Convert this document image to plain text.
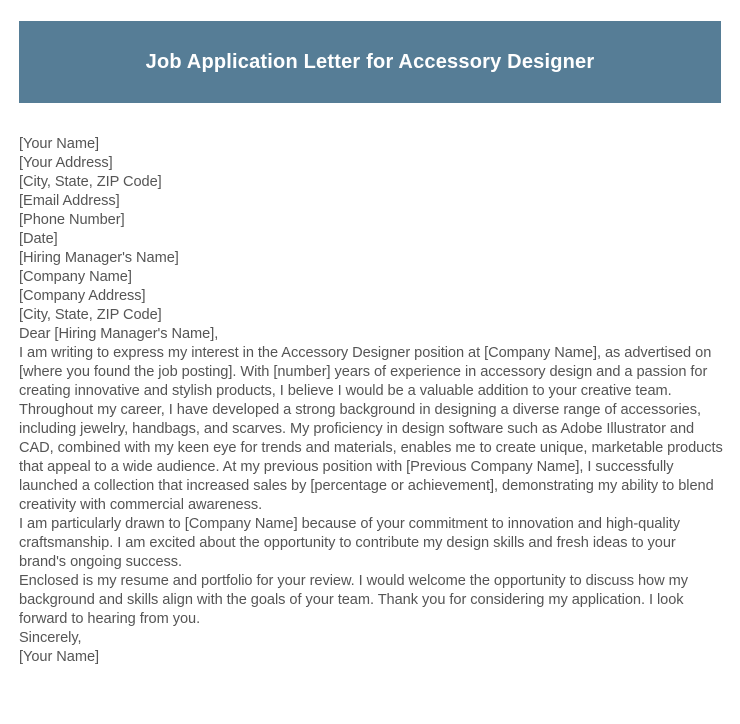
Job Application Letter for Accessory Designer
[Your Name]
[Your Address]
[City, State, ZIP Code]
[Email Address]
[Phone Number]
[Date]
[Hiring Manager's Name]
[Company Name]
[Company Address]
[City, State, ZIP Code]
Dear [Hiring Manager's Name],

I am writing to express my interest in the Accessory Designer position at [Company Name], as advertised on [where you found the job posting]. With [number] years of experience in accessory design and a passion for creating innovative and stylish products, I believe I would be a valuable addition to your creative team.

Throughout my career, I have developed a strong background in designing a diverse range of accessories, including jewelry, handbags, and scarves. My proficiency in design software such as Adobe Illustrator and CAD, combined with my keen eye for trends and materials, enables me to create unique, marketable products that appeal to a wide audience. At my previous position with [Previous Company Name], I successfully launched a collection that increased sales by [percentage or achievement], demonstrating my ability to blend creativity with commercial awareness.

I am particularly drawn to [Company Name] because of your commitment to innovation and high-quality craftsmanship. I am excited about the opportunity to contribute my design skills and fresh ideas to your brand's ongoing success.

Enclosed is my resume and portfolio for your review. I would welcome the opportunity to discuss how my background and skills align with the goals of your team. Thank you for considering my application. I look forward to hearing from you.

Sincerely,
[Your Name]
